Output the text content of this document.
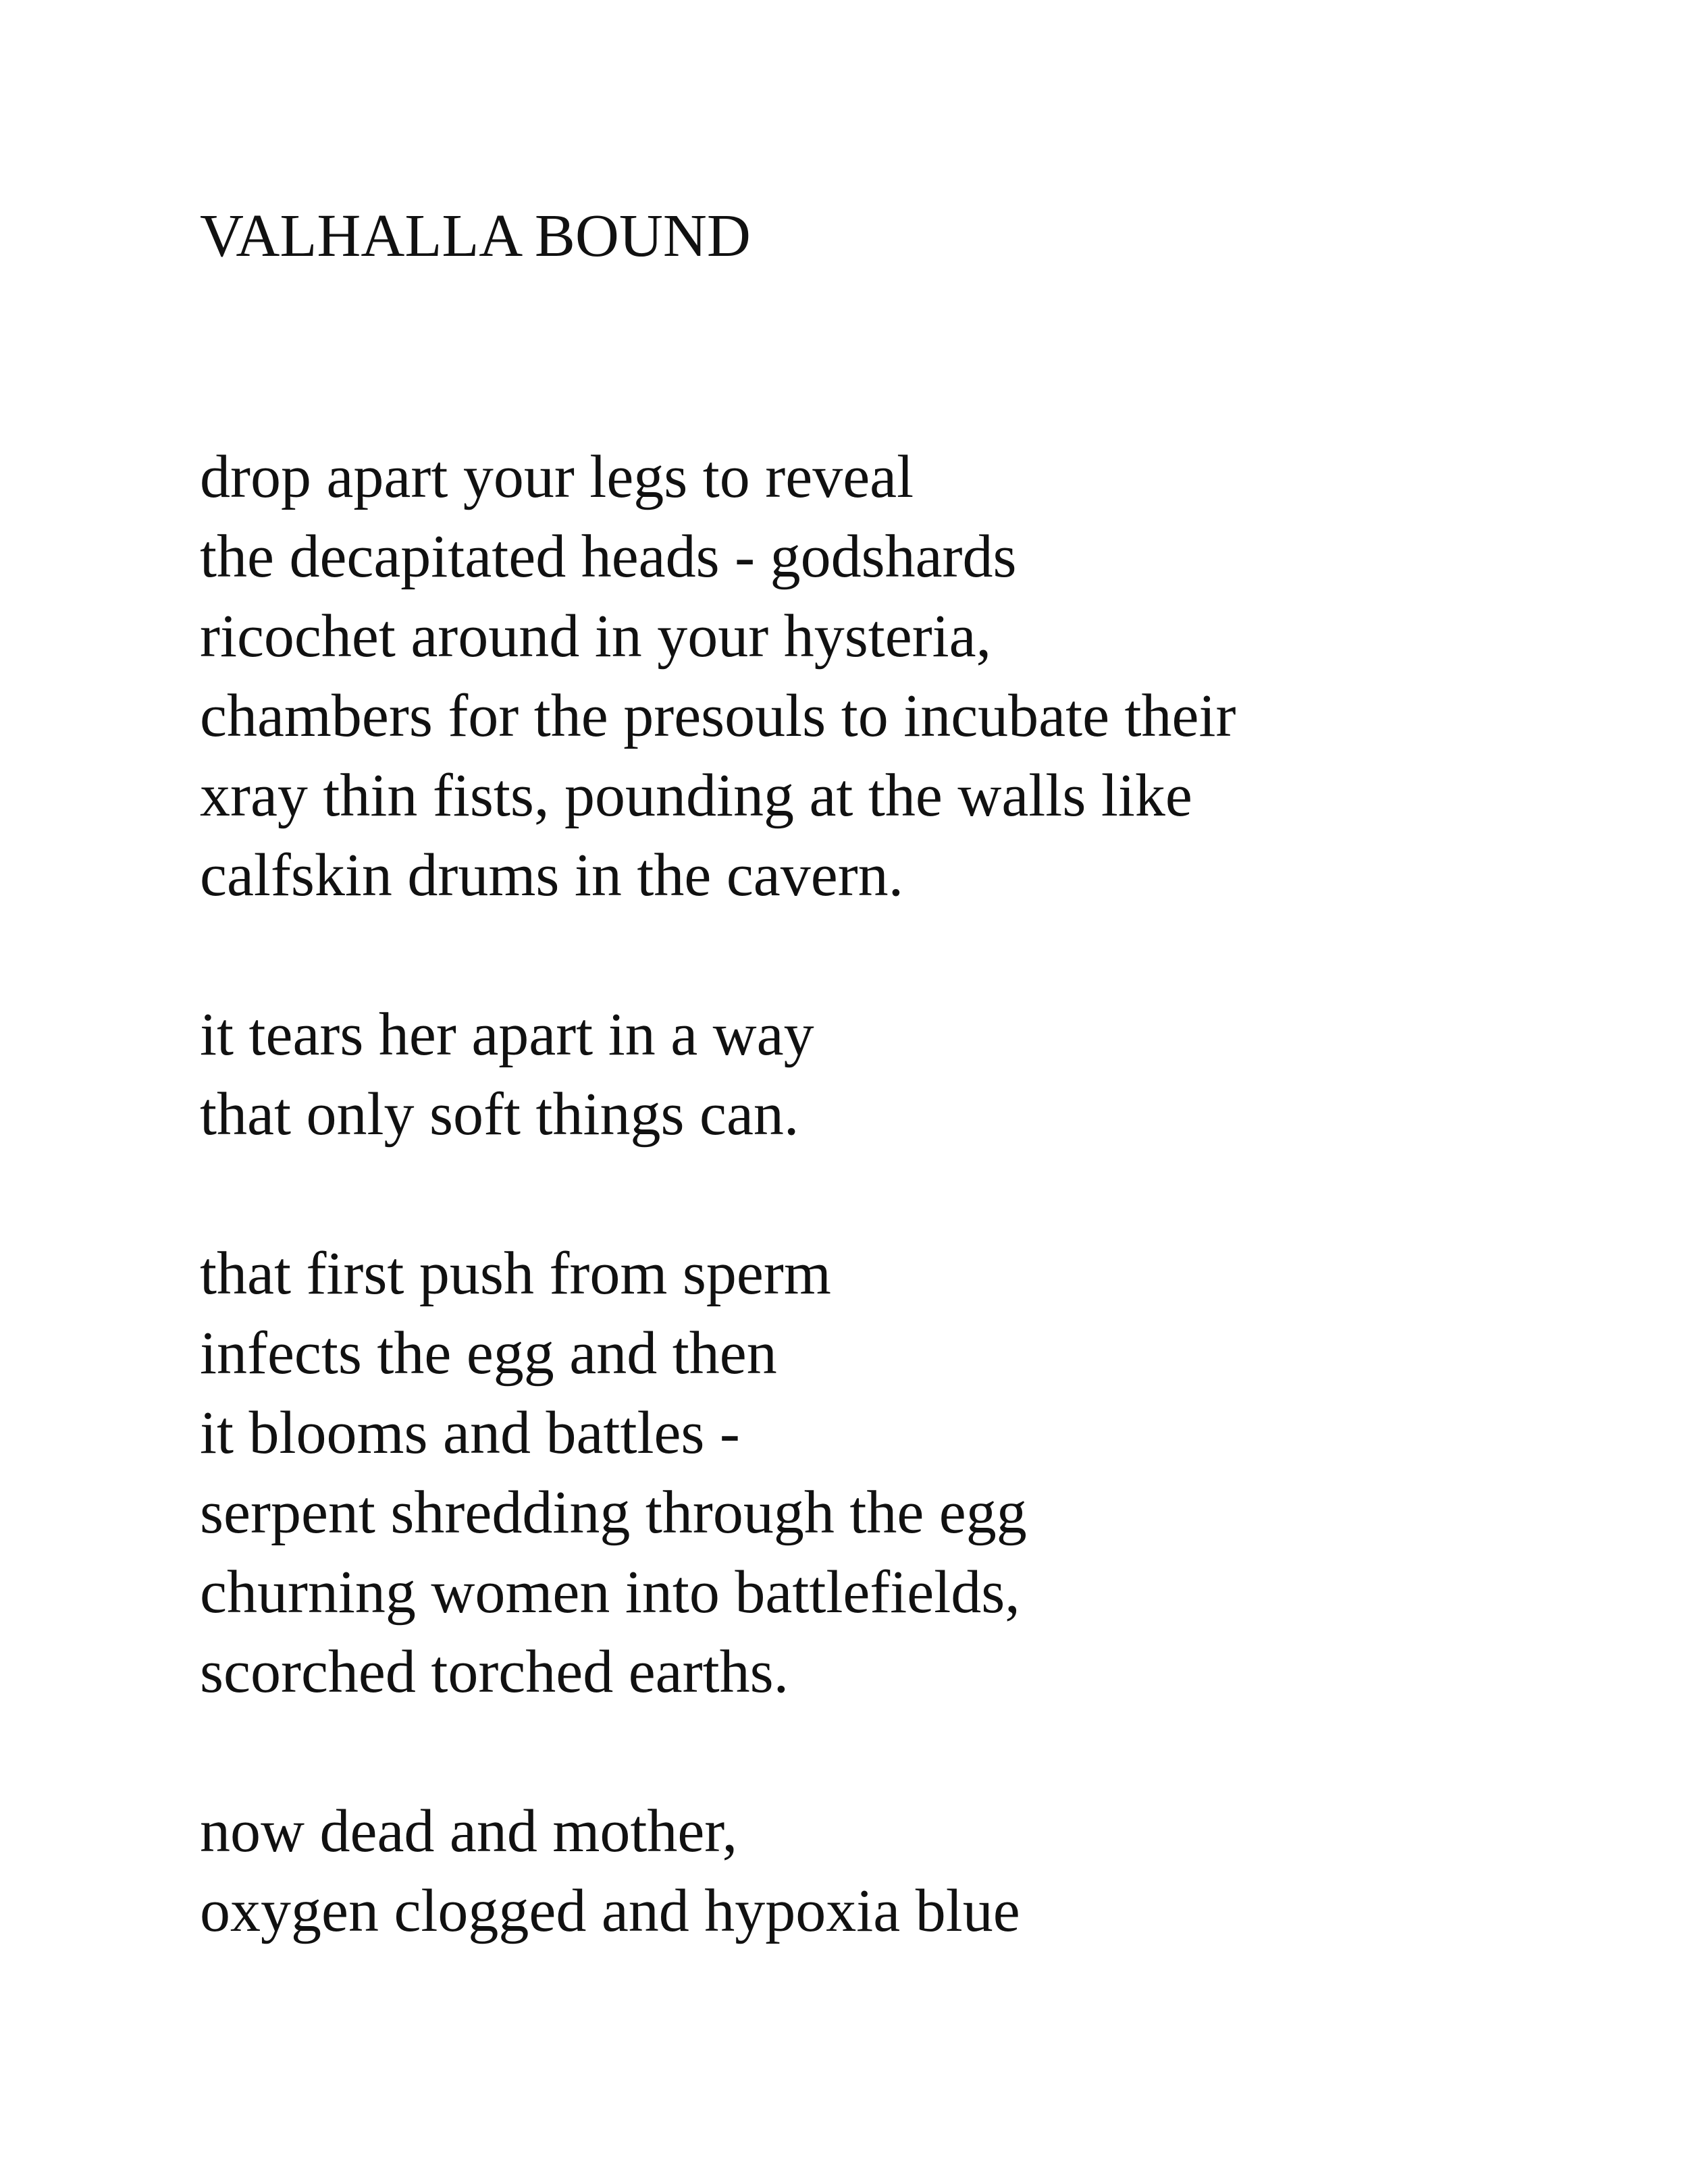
VALHALLA BOUND
drop apart your legs to reveal
the decapitated heads - godshards
ricochet around in your hysteria,
chambers for the presouls to incubate their
xray thin fists, pounding at the walls like
calfskin drums in the cavern.
it tears her apart in a way
that only soft things can.
that first push from sperm
infects the egg and then
it blooms and battles -
serpent shredding through the egg
churning women into battlefields,
scorched torched earths.
now dead and mother,
oxygen clogged and hypoxia blue
